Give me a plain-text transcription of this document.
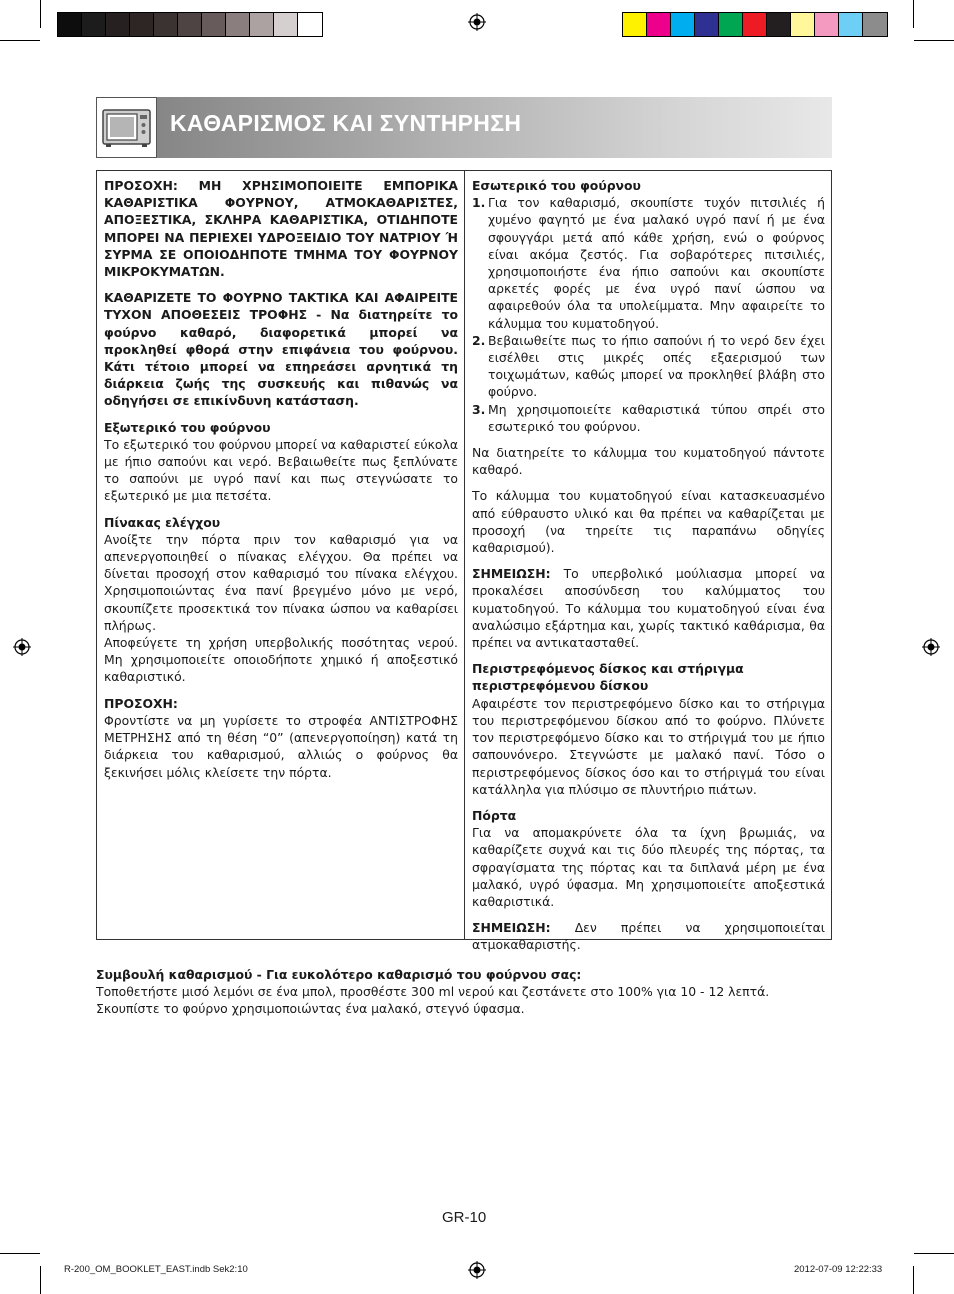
ΚΑΘΑΡΙΣΜΟΣ ΚΑΙ ΣΥΝΤΗΡΗΣΗ

ΠΡΟΣΟΧΗ: ΜΗ ΧΡΗΣΙΜΟΠΟΙΕΙΤΕ ΕΜΠΟΡΙΚΑ ΚΑΘΑΡΙΣΤΙΚΑ ΦΟΥΡΝΟΥ, ΑΤΜΟΚΑΘΑΡΙΣΤΕΣ, ΑΠΟΞΕΣΤΙΚΑ, ΣΚΛΗΡΑ ΚΑΘΑΡΙΣΤΙΚΑ, ΟΤΙΔΗΠΟΤΕ ΜΠΟΡΕΙ ΝΑ ΠΕΡΙΕΧΕΙ ΥΔΡΟΞΕΙΔΙΟ ΤΟΥ ΝΑΤΡΙΟΥ Ή ΣΥΡΜΑ ΣΕ ΟΠΟΙΟΔΗΠΟΤΕ ΤΜΗΜΑ ΤΟΥ ΦΟΥΡΝΟΥ ΜΙΚΡΟΚΥΜΑΤΩΝ.

ΚΑΘΑΡΙΖΕΤΕ ΤΟ ΦΟΥΡΝΟ ΤΑΚΤΙΚΑ ΚΑΙ ΑΦΑΙΡΕΙΤΕ ΤΥΧΟΝ ΑΠΟΘΕΣΕΙΣ ΤΡΟΦΗΣ - Να διατηρείτε το φούρνο καθαρό, διαφορετικά μπορεί να προκληθεί φθορά στην επιφάνεια του φούρνου. Κάτι τέτοιο μπορεί να επηρεάσει αρνητικά τη διάρκεια ζωής της συσκευής και πιθανώς να οδηγήσει σε επικίνδυνη κατάσταση.

Εξωτερικό του φούρνου

Το εξωτερικό του φούρνου μπορεί να καθαριστεί εύκολα με ήπιο σαπούνι και νερό. Βεβαιωθείτε πως ξεπλύνατε το σαπούνι με υγρό πανί και πως στεγνώσατε το εξωτερικό με μια πετσέτα.

Πίνακας ελέγχου

Ανοίξτε την πόρτα πριν τον καθαρισμό για να απενεργοποιηθεί ο πίνακας ελέγχου. Θα πρέπει να δίνεται προσοχή στον καθαρισμό του πίνακα ελέγχου. Χρησιμοποιώντας ένα πανί βρεγμένο μόνο με νερό, σκουπίζετε προσεκτικά τον πίνακα ώσπου να καθαρίσει πλήρως.

Αποφεύγετε τη χρήση υπερβολικής ποσότητας νερού. Μη χρησιμοποιείτε οποιοδήποτε χημικό ή αποξεστικό καθαριστικό.

ΠΡΟΣΟΧΗ:

Φροντίστε να μη γυρίσετε το στροφέα ΑΝΤΙΣΤΡΟΦΗΣ ΜΕΤΡΗΣΗΣ από τη θέση “0” (απενεργοποίηση) κατά τη διάρκεια του καθαρισμού, αλλιώς ο φούρνος θα ξεκινήσει μόλις κλείσετε την πόρτα.

Εσωτερικό του φούρνου
1. Για τον καθαρισμό, σκουπίστε τυχόν πιτσιλιές ή χυμένο φαγητό με ένα μαλακό υγρό πανί ή με ένα σφουγγάρι μετά από κάθε χρήση, ενώ ο φούρνος είναι ακόμα ζεστός. Για σοβαρότερες πιτσιλιές, χρησιμοποιήστε ένα ήπιο σαπούνι και σκουπίστε αρκετές φορές με ένα υγρό πανί ώσπου να αφαιρεθούν όλα τα υπολείμματα. Μην αφαιρείτε το κάλυμμα του κυματοδηγού.
2. Βεβαιωθείτε πως το ήπιο σαπούνι ή το νερό δεν έχει εισέλθει στις μικρές οπές εξαερισμού των τοιχωμάτων, καθώς μπορεί να προκληθεί βλάβη στο φούρνο.
3. Μη χρησιμοποιείτε καθαριστικά τύπου σπρέι στο εσωτερικό του φούρνου.

Να διατηρείτε το κάλυμμα του κυματοδηγού πάντοτε καθαρό.

Το κάλυμμα του κυματοδηγού είναι κατασκευασμένο από εύθραυστο υλικό και θα πρέπει να καθαρίζεται με προσοχή (να τηρείτε τις παραπάνω οδηγίες καθαρισμού).

ΣΗΜΕΙΩΣΗ: Το υπερβολικό μούλιασμα μπορεί να προκαλέσει αποσύνδεση του καλύμματος του κυματοδηγού. Το κάλυμμα του κυματοδηγού είναι ένα αναλώσιμο εξάρτημα και, χωρίς τακτικό καθάρισμα, θα πρέπει να αντικατασταθεί.

Περιστρεφόμενος δίσκος και στήριγμα περιστρεφόμενου δίσκου

Αφαιρέστε τον περιστρεφόμενο δίσκο και το στήριγμα του περιστρεφόμενου δίσκου από το φούρνο. Πλύνετε τον περιστρεφόμενο δίσκο και το στήριγμά του με ήπιο σαπουνόνερο. Στεγνώστε με μαλακό πανί. Τόσο ο περιστρεφόμενος δίσκος όσο και το στήριγμά του είναι κατάλληλα για πλύσιμο σε πλυντήριο πιάτων.

Πόρτα

Για να απομακρύνετε όλα τα ίχνη βρωμιάς, να καθαρίζετε συχνά και τις δύο πλευρές της πόρτας, τα σφραγίσματα της πόρτας και τα διπλανά μέρη με ένα μαλακό, υγρό ύφασμα. Μη χρησιμοποιείτε αποξεστικά καθαριστικά.

ΣΗΜΕΙΩΣΗ: Δεν πρέπει να χρησιμοποιείται ατμοκαθαριστής.

Συμβουλή καθαρισμού - Για ευκολότερο καθαρισμό του φούρνου σας:
Τοποθετήστε μισό λεμόνι σε ένα μπολ, προσθέστε 300 ml νερού και ζεστάνετε στο 100% για 10 - 12 λεπτά.
Σκουπίστε το φούρνο χρησιμοποιώντας ένα μαλακό, στεγνό ύφασμα.
GR-10
R-200_OM_BOOKLET_EAST.indb Sek2:10	2012-07-09 12:22:33
